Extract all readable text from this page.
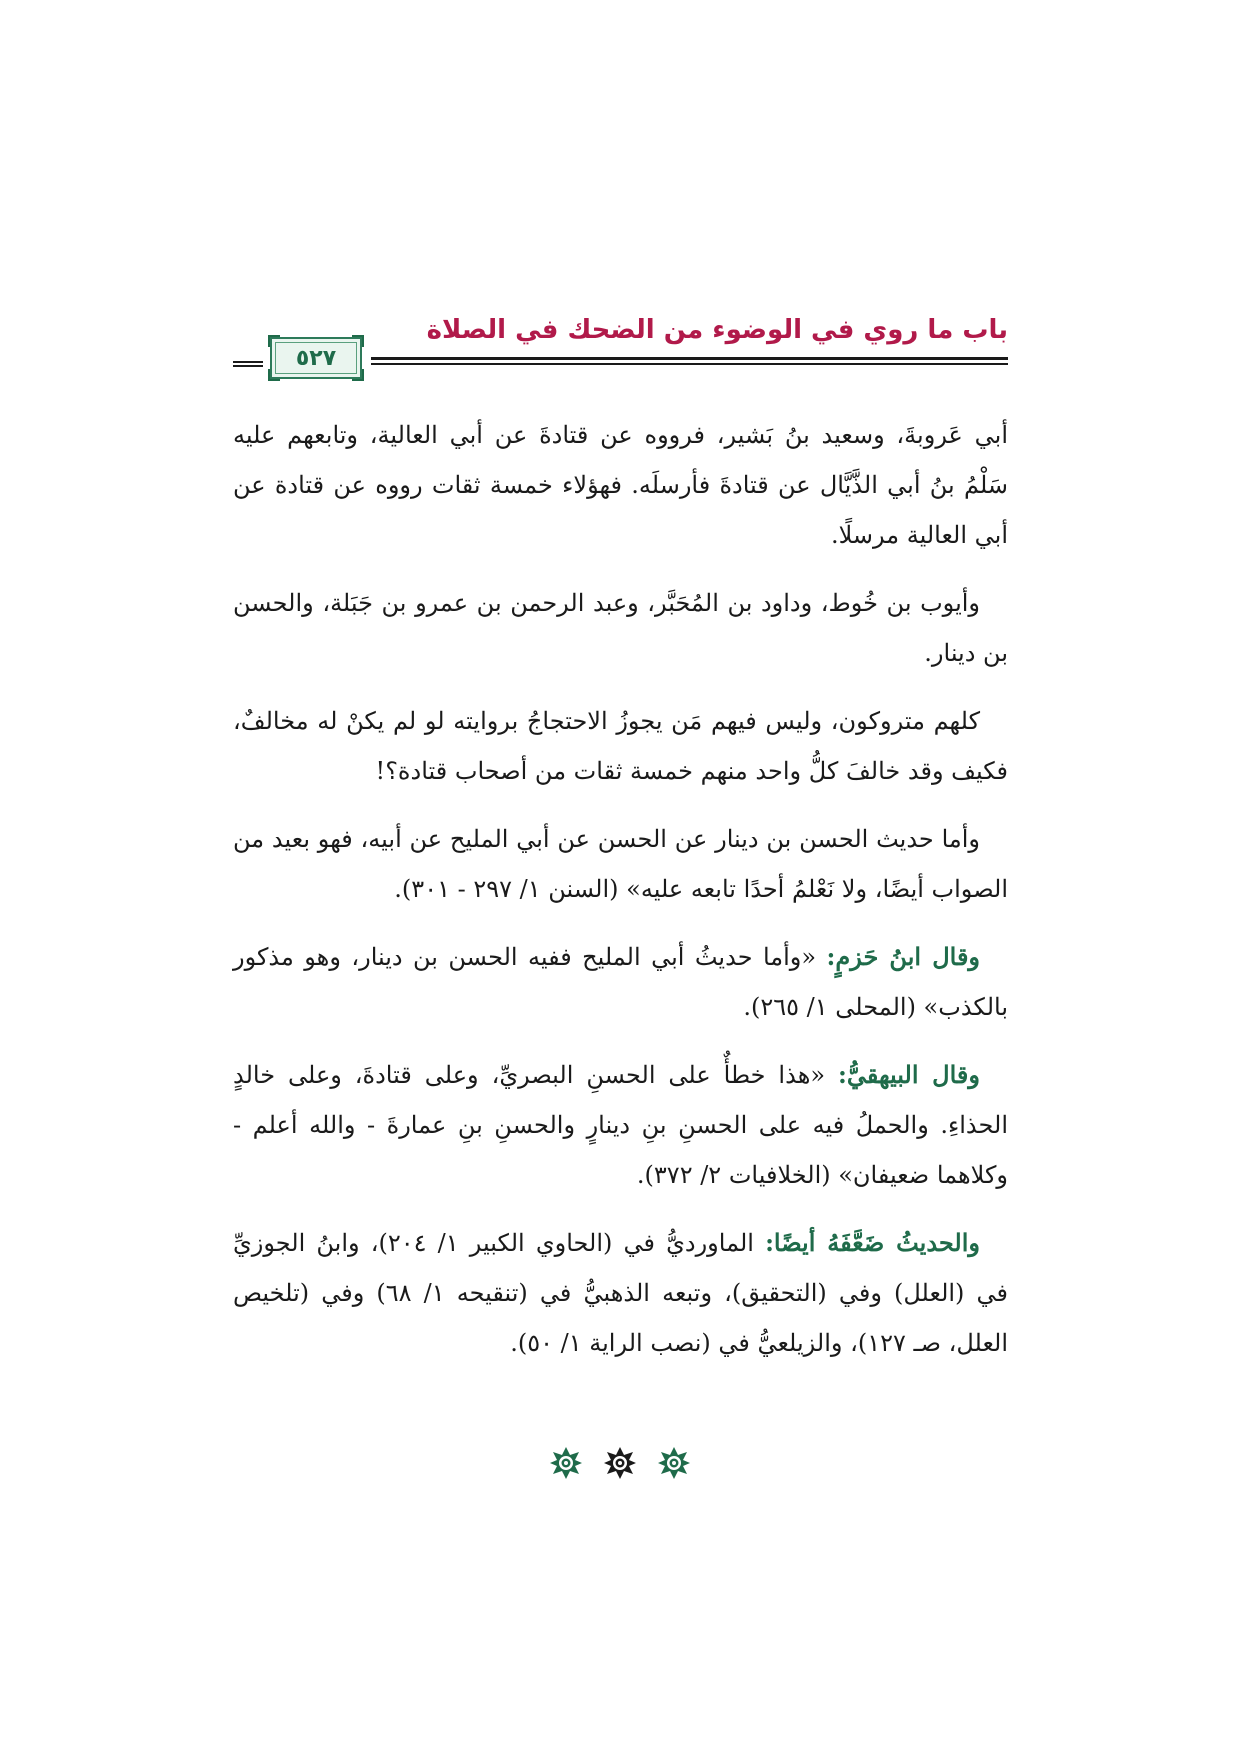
باب ما روي في الوضوء من الضحك في الصلاة
٥٢٧

أبي عَروبةَ، وسعيد بنُ بَشير، فرووه عن قتادةَ عن أبي العالية، وتابعهم عليه سَلْمُ بنُ أبي الذَّيَّال عن قتادةَ فأرسلَه. فهؤلاء خمسة ثقات رووه عن قتادة عن أبي العالية مرسلًا.

وأيوب بن خُوط، وداود بن المُحَبَّر، وعبد الرحمن بن عمرو بن جَبَلة، والحسن بن دينار.

كلهم متروكون، وليس فيهم مَن يجوزُ الاحتجاجُ بروايته لو لم يكنْ له مخالفٌ، فكيف وقد خالفَ كلُّ واحد منهم خمسة ثقات من أصحاب قتادة؟!

وأما حديث الحسن بن دينار عن الحسن عن أبي المليح عن أبيه، فهو بعيد من الصواب أيضًا، ولا نَعْلمُ أحدًا تابعه عليه» (السنن ١/ ٢٩٧ - ٣٠١).

وقال ابنُ حَزمٍ: «وأما حديثُ أبي المليح ففيه الحسن بن دينار، وهو مذكور بالكذب» (المحلى ١/ ٢٦٥).

وقال البيهقيُّ: «هذا خطأٌ على الحسنِ البصريِّ، وعلى قتادةَ، وعلى خالدٍ الحذاءِ. والحملُ فيه على الحسنِ بنِ دينارٍ والحسنِ بنِ عمارةَ - والله أعلم - وكلاهما ضعيفان» (الخلافيات ٢/ ٣٧٢).

والحديثُ ضَعَّفَهُ أيضًا: الماورديُّ في (الحاوي الكبير ١/ ٢٠٤)، وابنُ الجوزيِّ في (العلل) وفي (التحقيق)، وتبعه الذهبيُّ في (تنقيحه ١/ ٦٨) وفي (تلخيص العلل، صـ ١٢٧)، والزيلعيُّ في (نصب الراية ١/ ٥٠).
